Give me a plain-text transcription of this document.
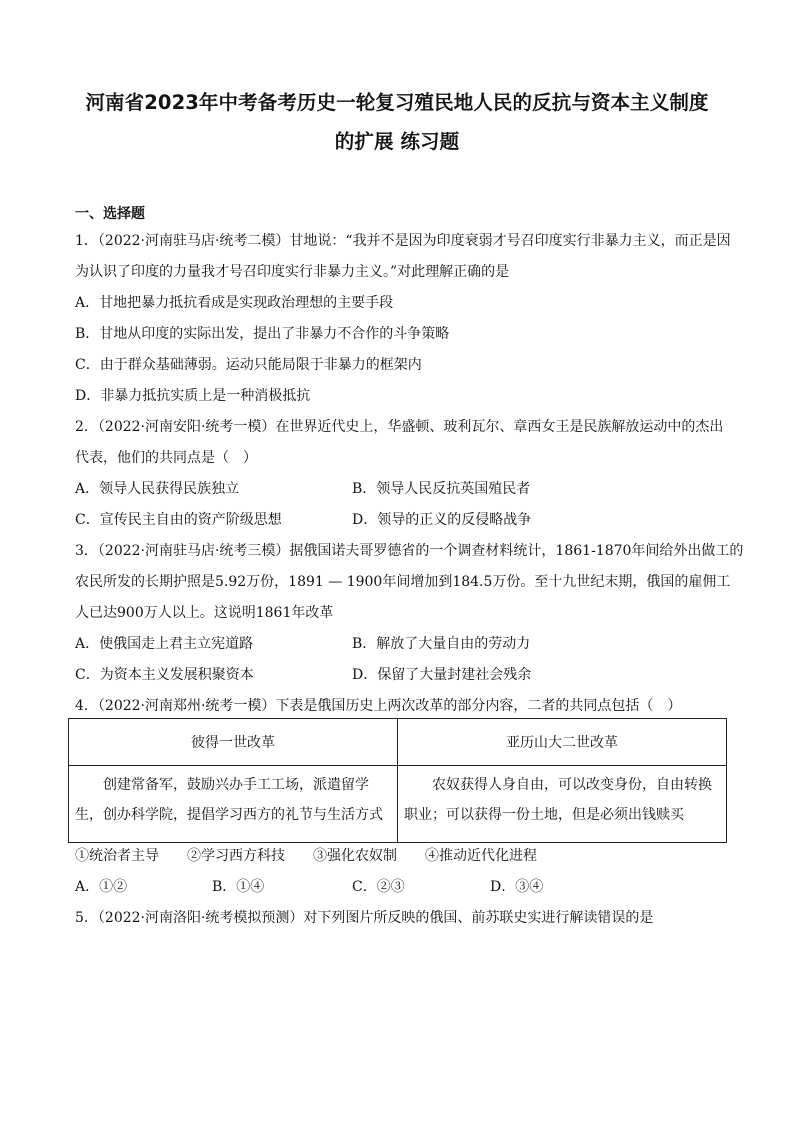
河南省2023年中考备考历史一轮复习殖民地人民的反抗与资本主义制度
的扩展 练习题
一、选择题
1．（2022·河南驻马店·统考二模）甘地说：“我并不是因为印度衰弱才号召印度实行非暴力主义，而正是因
为认识了印度的力量我才号召印度实行非暴力主义。”对此理解正确的是
A．甘地把暴力抵抗看成是实现政治理想的主要手段
B．甘地从印度的实际出发，提出了非暴力不合作的斗争策略
C．由于群众基础薄弱。运动只能局限于非暴力的框架内
D．非暴力抵抗实质上是一种消极抵抗
2．（2022·河南安阳·统考一模）在世界近代史上，华盛顿、玻利瓦尔、章西女王是民族解放运动中的杰出
代表，他们的共同点是（　）
A．领导人民获得民族独立	B．领导人民反抗英国殖民者
C．宣传民主自由的资产阶级思想	D．领导的正义的反侵略战争
3．（2022·河南驻马店·统考三模）据俄国诺夫哥罗德省的一个调查材料统计，1861-1870年间给外出做工的
农民所发的长期护照是5.92万份，1891 — 1900年间增加到184.5万份。至十九世纪末期，俄国的雇佣工
人已达900万人以上。这说明1861年改革
A．使俄国走上君主立宪道路	B．解放了大量自由的劳动力
C．为资本主义发展积聚资本	D．保留了大量封建社会残余
4．（2022·河南郑州·统考一模）下表是俄国历史上两次改革的部分内容，二者的共同点包括（　）
彼得一世改革	亚历山大二世改革

创建常备军，鼓励兴办手工工场，派遣留学生，创办科学院，提倡学习西方的礼节与生活方式	农奴获得人身自由，可以改变身份，自由转换职业；可以获得一份土地，但是必须出钱赎买
①统治者主导　　②学习西方科技　　③强化农奴制　　④推动近代化进程
A．①②	B．①④	C．②③	D．③④
5．（2022·河南洛阳·统考模拟预测）对下列图片所反映的俄国、前苏联史实进行解读错误的是
